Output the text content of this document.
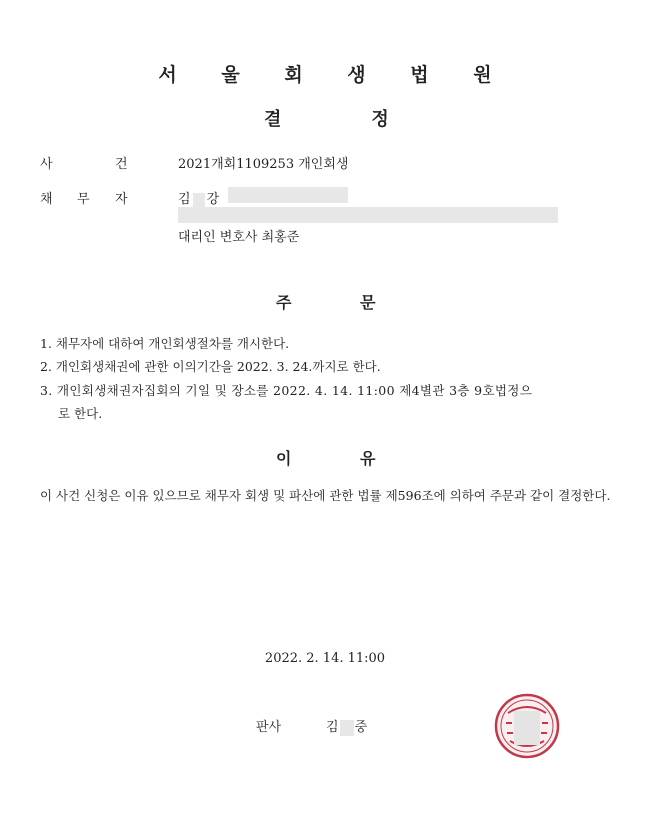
서 울 회 생 법 원
결	정
사	건	2021개회1109253 개인회생
채 무 자	김 강
대리인 변호사 최홍준
주	문
1. 채무자에 대하여 개인회생절차를 개시한다.
2. 개인회생채권에 관한 이의기간을 2022. 3. 24.까지로 한다.
3. 개인회생채권자집회의 기일 및 장소를 2022. 4. 14. 11:00 제4별관 3층 9호법정으
로 한다.
이	유
이 사건 신청은 이유 있으므로 채무자 회생 및 파산에 관한 법률 제596조에 의하여 주문과 같이 결정한다.
2022. 2. 14. 11:00
판사	김 중
